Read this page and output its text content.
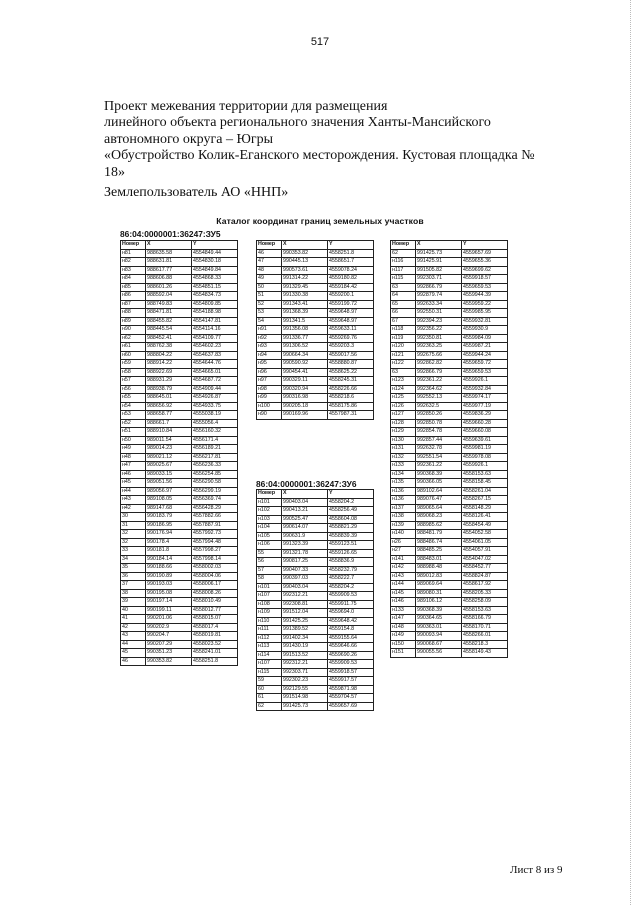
517
Проект межевания территории для размещения
линейного объекта регионального значения Ханты-Мансийского
автономного округа – Югры
«Обустройство Колик-Еганского месторождения. Кустовая площадка №
18»
Землепользователь АО «ННП»
Каталог координат границ земельных участков
86:04:0000001:36247:ЗУ5
86:04:0000001:36247:ЗУ6
Номер	X	Y
н81	988635.58	4554849.44
н82	988631.81	4554830.18
н83	988617.77	4554849.84
н84	988606.88	4554868.33
н85	988601.26	4554851.15
н86	988592.04	4554834.73
н87	988749.83	4554809.85
н88	988471.81	4554188.98
н89	988455.82	4554147.81
н90	988445.54	4554114.16
н62	988452.41	4554109.77
н61	988762.38	4554602.23
н60	988804.22	4554637.83
н59	988914.22	4554644.76
н58	988922.69	4554665.01
н57	988931.29	4554687.72
н56	988938.79	4554909.44
н55	988645.01	4554926.87
н54	988656.92	4554933.75
н53	988658.77	4555038.19
н52	988661.7	4555056.4
н51	988910.84	4556160.32
н50	989011.54	4556171.4
н49	989014.23	4556189.21
н48	989021.12	4556217.81
н47	989025.67	4556236.33
н46	989033.15	4556254.85
н45	989051.56	4556290.58
н44	989056.97	4556299.19
н43	989108.05	4556369.74
н42	989147.68	4556428.29
30	990183.79	4557882.66
31	990186.95	4557887.91
32	990176.94	4557992.73
32	990178.4	4557994.48
33	990181.8	4557998.27
34	990184.14	4557998.14
35	990188.66	4558002.03
36	990190.89	4558004.06
37	990193.03	4558006.17
38	990195.08	4558008.26
39	990197.14	4558010.49
40	990199.11	4558012.77
41	990201.06	4558015.07
42	990202.9	4558017.4
43	990204.7	4558019.81
44	990207.29	4558023.52
45	990351.23	4558241.01
46	990353.82	4558251.8
Номер	X	Y
46	990353.82	4558251.8
47	990445.13	4558651.7
48	990573.61	4559078.24
49	991314.22	4559180.82
50	991329.45	4559184.42
51	991330.38	4559200.1
52	991343.41	4559199.72
53	991368.39	4559648.97
54	991341.5	4559648.97
н91	991356.08	4559633.11
н92	991336.77	4559269.76
н93	991306.52	4559203.3
н94	990664.34	4559017.56
н95	990590.92	4558880.87
н96	990454.41	4558625.22
н97	990329.11	4558245.31
н98	990320.94	4558226.66
н99	990316.98	4558218.6
н100	990205.18	4558175.86
н90	990169.96	4557987.31
Номер	X	Y
н101	990403.04	4558204.2
н102	990413.21	4558256.49
н103	990525.47	4558604.08
н104	990614.07	4558821.29
н105	990631.9	4558839.39
н106	991323.39	4559123.51
55	991321.78	4559126.65
56	990817.25	4558836.9
57	990407.33	4558232.79
58	990397.03	4558222.7
н101	990403.04	4558204.2
н107	992312.21	4559909.53
н108	992308.81	4559911.75
н109	991512.04	4559694.0
н110	991425.25	4559648.42
н111	991389.52	4559154.8
н112	991402.34	4559155.64
н113	991430.19	4559646.66
н114	991513.52	4559690.26
н107	992312.21	4559909.53
н115	992303.71	4559918.57
59	992302.23	4559917.57
60	992129.55	4559871.98
61	991514.98	4559704.57
62	991425.73	4559657.69
Номер	X	Y
62	991425.73	4559657.69
н116	991425.91	4559655.36
н117	991505.82	4559699.62
н115	992303.71	4559918.57
63	992866.79	4559659.53
64	992879.74	4559944.39
65	992633.34	4559959.22
66	992550.31	4559985.95
67	992394.23	4559932.81
н118	992356.22	4559930.9
н119	992350.81	4559984.09
н120	992363.25	4559987.21
н121	992675.66	4559944.24
н122	992862.82	4559659.72
63	992866.79	4559659.53
н123	992361.22	4559926.1
н124	992364.62	4559932.84
н125	992552.13	4559974.17
н126	992632.5	4559977.19
н127	992850.26	4559836.29
н128	992850.78	4559660.28
н129	992854.78	4559660.08
н130	992857.44	4559639.61
н131	992632.78	4559981.19
н132	992551.54	4559978.08
н133	992361.22	4559926.1
н134	990368.39	4558153.63
н135	990366.05	4558158.45
н136	989102.64	4558261.04
н136	989076.47	4558267.15
н137	989065.64	4558148.29
н138	989068.23	4558126.41
н139	988985.62	4558454.49
н140	988481.79	4554052.58
н26	988486.74	4554061.05
н27	988485.25	4554057.91
н141	988483.01	4554047.02
н142	988988.48	4558452.77
н143	989012.83	4558824.87
н144	989069.64	4558617.92
н145	989080.31	4558205.33
н146	989106.12	4558258.09
н133	990368.39	4558153.63
н147	990364.65	4558166.79
н148	990363.01	4558170.71
н149	990093.94	4558266.01
н150	990068.67	4558218.3
н151	990055.56	4558149.43
Лист 8 из 9
